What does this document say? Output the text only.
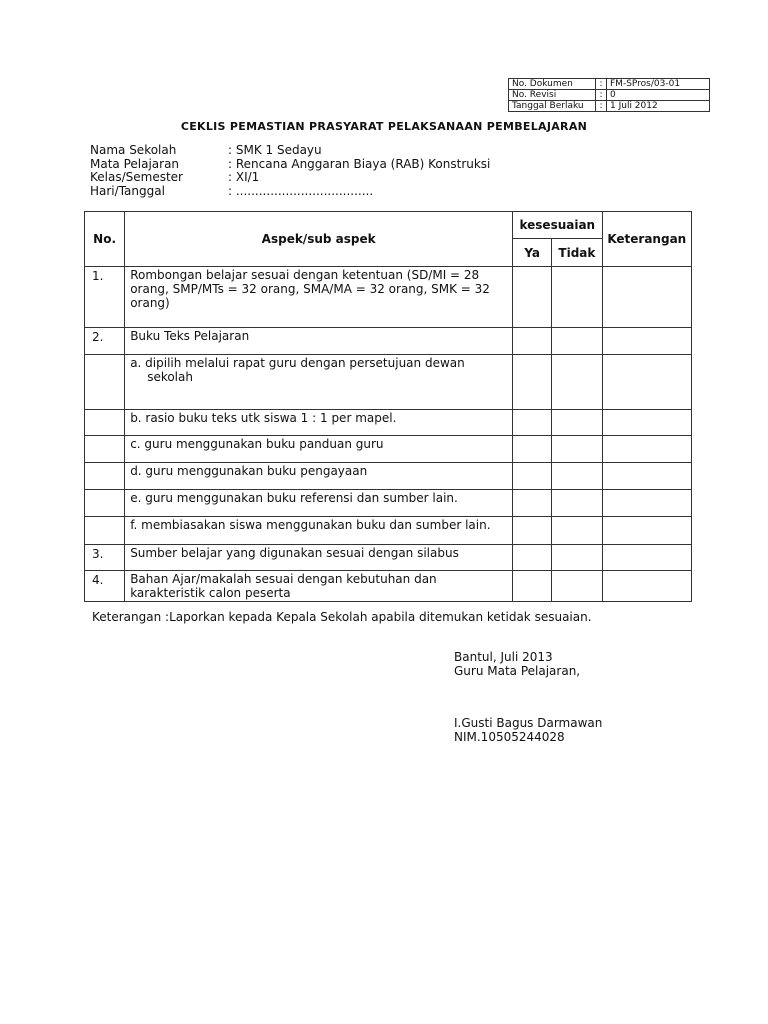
No. Dokumen	:	FM-SPros/03-01
No. Revisi	:	0
Tanggal Berlaku	:	1 Juli 2012
CEKLIS PEMASTIAN PRASYARAT PELAKSANAAN PEMBELAJARAN
Nama Sekolah	: SMK 1 Sedayu
Mata Pelajaran	: Rencana Anggaran Biaya (RAB) Konstruksi
Kelas/Semester	: XI/1
Hari/Tanggal	: ....................................
No.	Aspek/sub aspek	kesesuaian		Keterangan
		Ya	Tidak	
1.	Rombongan belajar sesuai dengan ketentuan (SD/MI = 28 orang, SMP/MTs = 32 orang, SMA/MA = 32 orang, SMK = 32 orang)			
2.	Buku Teks Pelajaran			
	a. dipilih melalui rapat guru dengan persetujuan dewan
sekolah			

	b. rasio buku teks utk siswa 1 : 1 per mapel.			
	c. guru menggunakan buku panduan guru			
	d. guru menggunakan buku pengayaan			
	e. guru menggunakan buku referensi dan sumber lain.			
	f. membiasakan siswa menggunakan buku dan sumber lain.			
3.	Sumber belajar yang digunakan sesuai dengan silabus			
4.	Bahan Ajar/makalah sesuai dengan kebutuhan dan karakteristik calon peserta			
Keterangan :Laporkan kepada Kepala Sekolah apabila ditemukan ketidak sesuaian.
Bantul, Juli 2013
Guru Mata Pelajaran,
I.Gusti Bagus Darmawan
NIM.10505244028
